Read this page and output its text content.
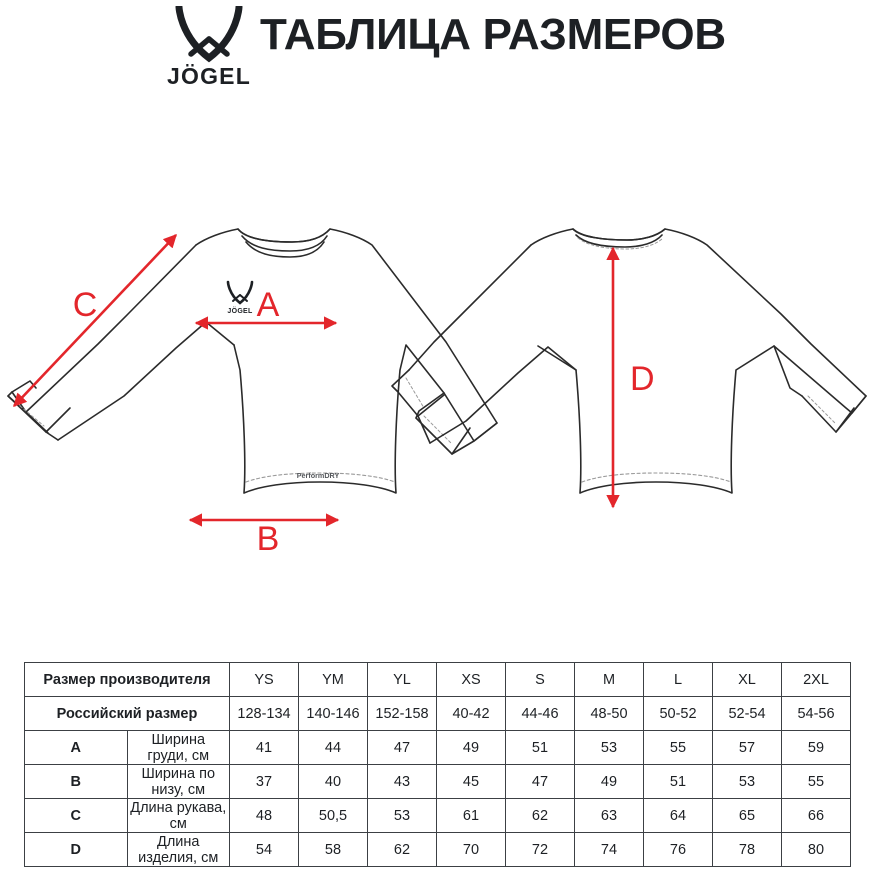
JÖGEL
ТАБЛИЦА РАЗМЕРОВ
JÖGEL
PerformDRY
A
B
C
D
Размер производителя		YS	YM	YL	XS	S	M	L	XL	2XL
Российский размер		128-134	140-146	152-158	40-42	44-46	48-50	50-52	52-54	54-56
A	Ширина груди, см	41	44	47	49	51	53	55	57	59
B	Ширина по низу, см	37	40	43	45	47	49	51	53	55
C	Длина рукава, см	48	50,5	53	61	62	63	64	65	66
D	Длина изделия, см	54	58	62	70	72	74	76	78	80
